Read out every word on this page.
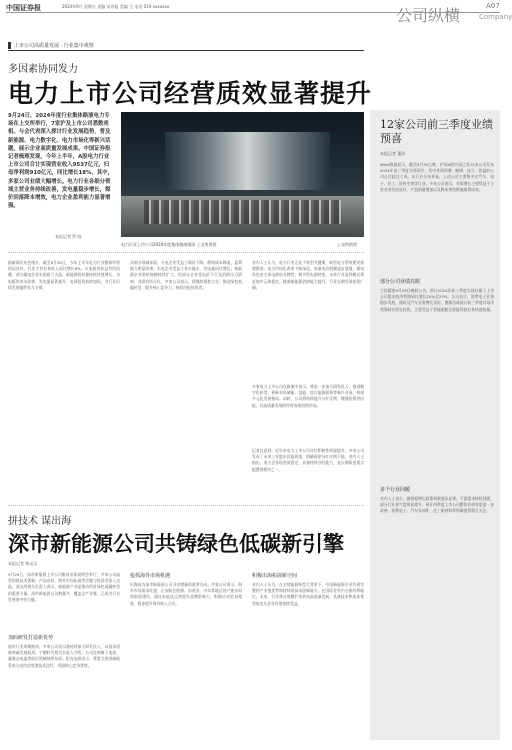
中国证券报	2024年9月 星期五 责编 证券报 美编 王 电话 010-xxxxxxx	公司纵横	A07
Company
上市公司高质量发展 · 行业集中观察
多因素协同发力
电力上市公司经营质效显著提升
9月24日，2024年度行业集体路演电力专场在上交所举行，7家沪及上市公司悉数亮相。与会代表深入探讨行业发展趋势，普及新能源、电力数字化、电力市场化等新兴话题，展示企业高质量发展成果。中国证券报记者梳理发现，今年上半年，A股电力行业上市公司合计实现营业收入9537亿元，归母净利润910亿元，同比增长18%，其中，多家公司业绩大幅增长。电力行业各细分领域主营业务持续改善，发电量稳步增长，煤价回落降本增效，电力企业盈利能力显著增强。
本报记者 罗 晗
电力行业上市公司2024年度集体路演现场 上交所供图	上交所供图
据新闻发布会统计，截至8月30日，今年上半年电力行业整体经营情况良好，行业主营业务收入同比增长6%，火电板块收益有所回暖，部分煤电企业实现扭亏为盈，新能源装机量持续快速增长，水电板块来水改善，发电量显著提升，电网投资持续加码，为行业后续发展提供有力支撑。
从细分领域来看，火电企业受益于煤价下降，燃料成本降低，盈利能力明显改善；水电企业受益于来水偏丰，发电量同比增长；新能源企业装机规模持续扩大，但部分企业受电价下行及消纳压力影响，业绩有所分化。多家公司表示，将继续聚焦主业，推动绿色低碳转型，提升核心竞争力，持续回报投资者。
业内人士认为，电力行业正处于转型关键期，新型电力系统建设加速推进，电力市场化改革不断深化，容量电价机制逐步落地，煤电角色由主体电源向支撑性、调节性电源转变，未来行业盈利模式将更加多元和稳定。随着新能源消纳能力提升，行业长期发展前景广阔。
多家电力上市公司在路演中表示，将进一步加大研发投入，推进数字化转型，积极布局储能、氢能、综合能源服务等新兴业务，构建多元化发展格局。同时，公司将持续提升分红比例，增强投资者回报，以高质量发展的经营成果回馈市场。
记者注意到，近年来电力上市公司分红积极性明显提升，多家公司发布了未来三年股东回报规划，明确现金分红比例下限。业内人士指出，电力企业现金流稳定，具备持续分红能力，是长期资金重点配置的板块之一。
拼技术 谋出海
深市新能源公司共铸绿色低碳新引擎
本报记者 黄灵灵
9月26日，深市新能源上市公司集体业绩说明会举行，多家公司高管围绕技术创新、产品布局、海外市场拓展等话题与投资者深入交流。深交所相关负责人表示，新能源产业是推动经济绿色低碳转型的重要力量，深市新能源公司数量多、覆盖全产业链，已成为行业发展的中坚力量。
加码研发打造新优势
面对行业周期波动，多家公司表示将持续加大研发投入，以技术创新突破发展瓶颈。宁德时代相关负责人介绍，公司在钠离子电池、凝聚态电池等前沿领域持续布局；阳光电源表示，将重点推进储能系统与光伏逆变器技术迭代，巩固核心竞争优势。
抢抓海外市场机遇
出海成为深市新能源公司寻求增量的重要方向。多家公司表示，海外市场需求旺盛，正加快在欧洲、东南亚、中东等地区的产能布局和渠道建设，通过本地化运营提升品牌影响力，积极应对贸易壁垒，稳步提升海外收入占比。
积极出海拓展新空间
业内人士认为，在全球能源转型大背景下，中国新能源企业凭借完整的产业链优势和持续的技术创新能力，在国际竞争中占据有利地位。未来，行业将从规模扩张转向高质量发展，具备技术和成本优势的龙头企业有望持续受益。
12家公司前三季度业绩预喜
本报记者 董添
Wind数据显示，截至9月30日晚，沪深A股市场已有12家公司发布2024年前三季度业绩预告，其中业绩预增、略增、扭亏、续盈的公司占比超过七成。从行业分布来看，上述公司主要集中在汽车、电子、化工、医药生物等行业。多家公司表示，业绩增长主要得益于主营业务发展良好、产品销量增加以及降本增效措施取得成效。
部分公司业绩亮眼
立讯精密9月29日晚间公告，预计2024年前三季度实现归属于上市公司股东的净利润同比增长20%至25%。公司表示，消费电子业务稳步发展，通讯及汽车业务增长良好。德赛西威预计前三季度归母净利润同比增长较快，主要受益于智能座舱及智能驾驶业务快速放量。
多个行业回暖
业内人士表示，随着稳增长政策效果逐步显现，下游需求持续回暖，部分行业景气度明显提升。预计四季度上市公司整体业绩有望进一步改善，消费电子、汽车零部件、化工新材料等领域值得重点关注。
